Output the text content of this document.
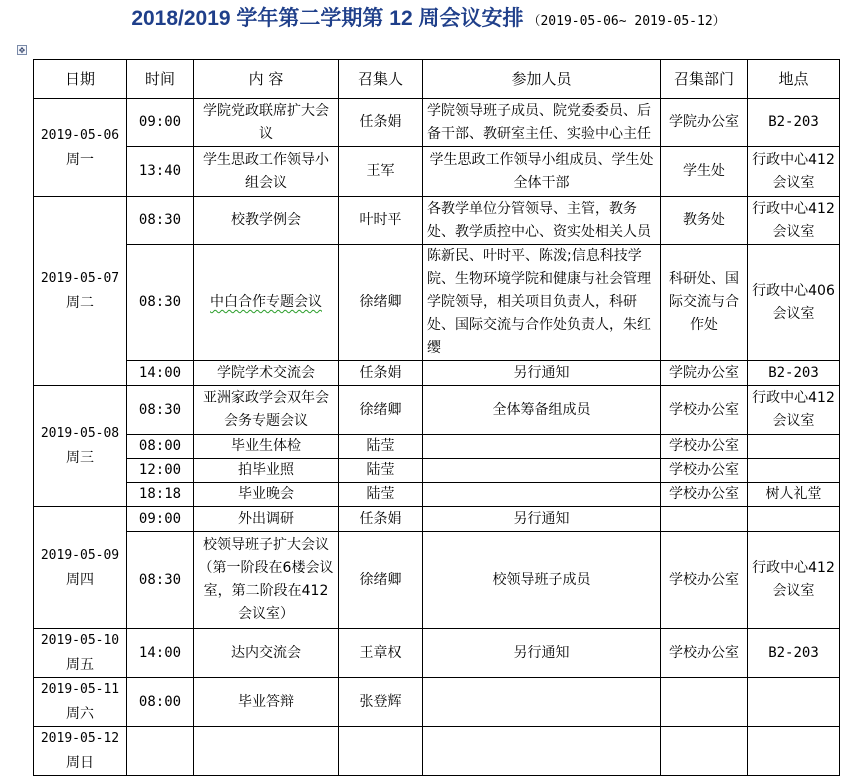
2018/2019 学年第二学期第 12 周会议安排 （2019-05-06~ 2019-05-12）
✥
日期	时间	内 容	召集人	参加人员	召集部门	地点

2019-05-06
周一	09:00	学院党政联席扩大会议	任条娟	学院领导班子成员、院党委委员、后备干部、教研室主任、实验中心主任	学院办公室	B2-203
	13:40	学生思政工作领导小组会议	王军	学生思政工作领导小组成员、学生处全体干部	学生处	行政中心412会议室

2019-05-07
周二	08:30	校教学例会	叶时平	各教学单位分管领导、主管，教务处、教学质控中心、资实处相关人员	教务处	行政中心412会议室
	08:30	中白合作专题会议	徐绪卿	陈新民、叶时平、陈泼;信息科技学院、生物环境学院和健康与社会管理学院领导，相关项目负责人，科研处、国际交流与合作处负责人，朱红缨	科研处、国际交流与合作处	行政中心406会议室
	14:00	学院学术交流会	任条娟	另行通知	学院办公室	B2-203

2019-05-08
周三	08:30	亚洲家政学会双年会会务专题会议	徐绪卿	全体筹备组成员	学校办公室	行政中心412会议室
	08:00	毕业生体检	陆莹		学校办公室	
	12:00	拍毕业照	陆莹		学校办公室	
	18:18	毕业晚会	陆莹		学校办公室	树人礼堂

2019-05-09
周四	09:00	外出调研	任条娟	另行通知		
	08:30	校领导班子扩大会议（第一阶段在6楼会议室，第二阶段在412会议室）	徐绪卿	校领导班子成员	学校办公室	行政中心412会议室

2019-05-10
周五	14:00	达内交流会	王章权	另行通知	学校办公室	B2-203

2019-05-11
周六	08:00	毕业答辩	张登辉			

2019-05-12
周日						
